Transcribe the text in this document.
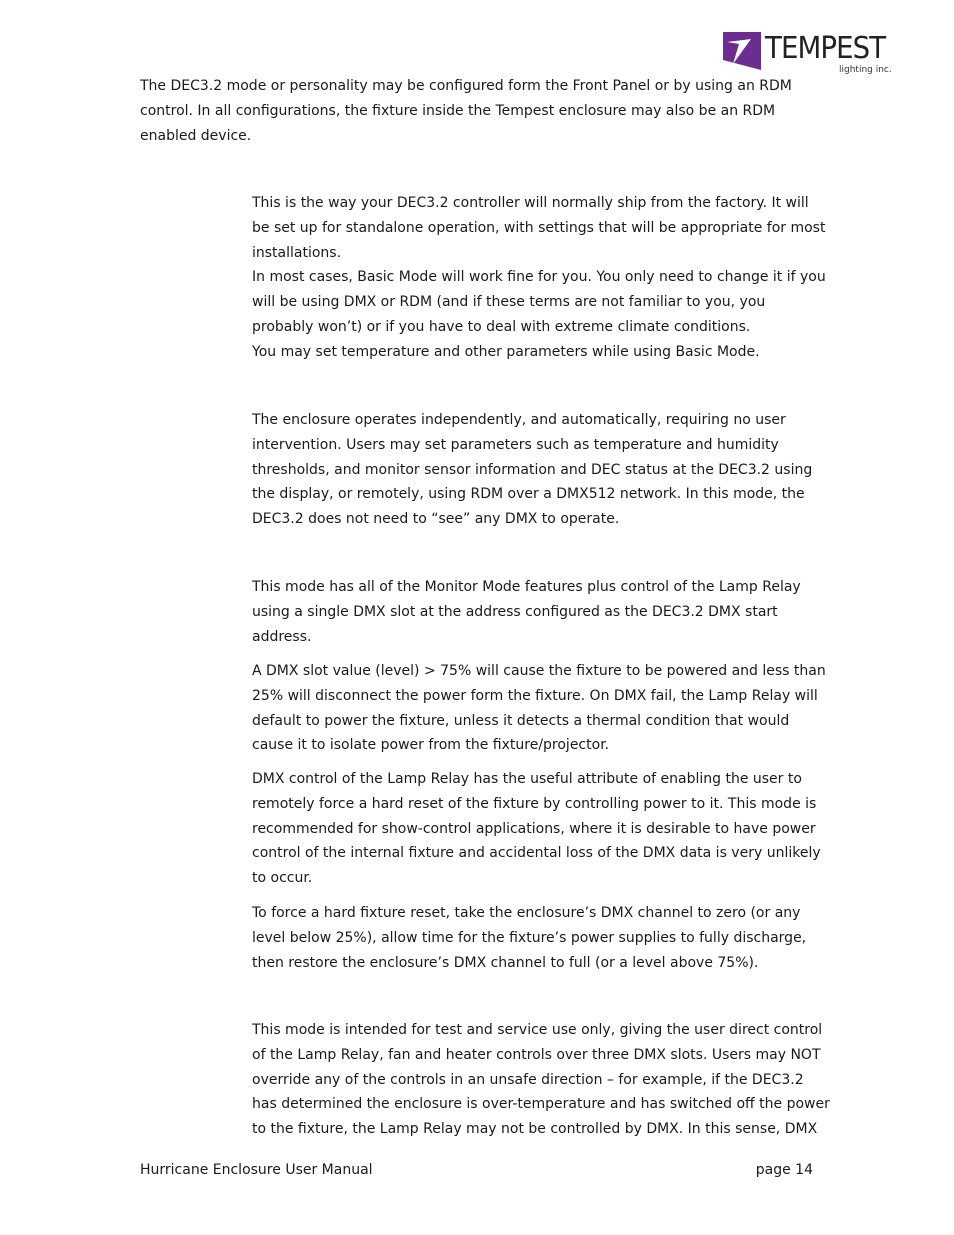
TEMPEST
lighting inc.
The DEC3.2 mode or personality may be configured form the Front Panel or by using an RDM
control. In all configurations, the fixture inside the Tempest enclosure may also be an RDM
enabled device.
This is the way your DEC3.2 controller will normally ship from the factory. It will
be set up for standalone operation, with settings that will be appropriate for most
installations.
In most cases, Basic Mode will work fine for you. You only need to change it if you
will be using DMX or RDM (and if these terms are not familiar to you, you
probably won’t) or if you have to deal with extreme climate conditions.
You may set temperature and other parameters while using Basic Mode.
The enclosure operates independently, and automatically, requiring no user
intervention. Users may set parameters such as temperature and humidity
thresholds, and monitor sensor information and DEC status at the DEC3.2 using
the display, or remotely, using RDM over a DMX512 network. In this mode, the
DEC3.2 does not need to “see” any DMX to operate.
This mode has all of the Monitor Mode features plus control of the Lamp Relay
using a single DMX slot at the address configured as the DEC3.2 DMX start
address.
A DMX slot value (level) > 75% will cause the fixture to be powered and less than
25% will disconnect the power form the fixture. On DMX fail, the Lamp Relay will
default to power the fixture, unless it detects a thermal condition that would
cause it to isolate power from the fixture/projector.
DMX control of the Lamp Relay has the useful attribute of enabling the user to
remotely force a hard reset of the fixture by controlling power to it. This mode is
recommended for show-control applications, where it is desirable to have power
control of the internal fixture and accidental loss of the DMX data is very unlikely
to occur.
To force a hard fixture reset, take the enclosure’s DMX channel to zero (or any
level below 25%), allow time for the fixture’s power supplies to fully discharge,
then restore the enclosure’s DMX channel to full (or a level above 75%).
This mode is intended for test and service use only, giving the user direct control
of the Lamp Relay, fan and heater controls over three DMX slots. Users may NOT
override any of the controls in an unsafe direction – for example, if the DEC3.2
has determined the enclosure is over-temperature and has switched off the power
to the fixture, the Lamp Relay may not be controlled by DMX. In this sense, DMX
Hurricane Enclosure User Manual	page 14
